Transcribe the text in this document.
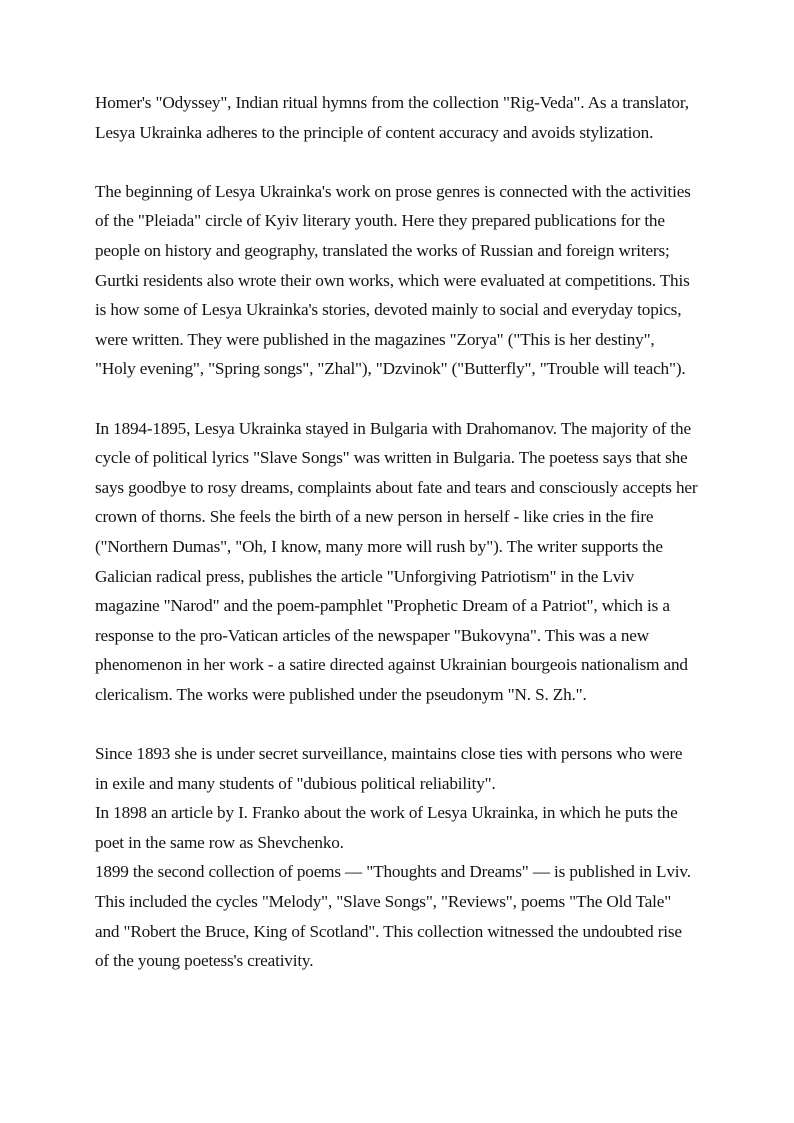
Homer's "Odyssey", Indian ritual hymns from the collection "Rig-Veda". As a translator, Lesya Ukrainka adheres to the principle of content accuracy and avoids stylization.

The beginning of Lesya Ukrainka's work on prose genres is connected with the activities of the "Pleiada" circle of Kyiv literary youth. Here they prepared publications for the people on history and geography, translated the works of Russian and foreign writers; Gurtki residents also wrote their own works, which were evaluated at competitions. This is how some of Lesya Ukrainka's stories, devoted mainly to social and everyday topics, were written. They were published in the magazines "Zorya" ("This is her destiny", "Holy evening", "Spring songs", "Zhal"), "Dzvinok" ("Butterfly", "Trouble will teach").

In 1894-1895, Lesya Ukrainka stayed in Bulgaria with Drahomanov. The majority of the cycle of political lyrics "Slave Songs" was written in Bulgaria. The poetess says that she says goodbye to rosy dreams, complaints about fate and tears and consciously accepts her crown of thorns. She feels the birth of a new person in herself - like cries in the fire ("Northern Dumas", "Oh, I know, many more will rush by"). The writer supports the Galician radical press, publishes the article "Unforgiving Patriotism" in the Lviv magazine "Narod" and the poem-pamphlet "Prophetic Dream of a Patriot", which is a response to the pro-Vatican articles of the newspaper "Bukovyna". This was a new phenomenon in her work - a satire directed against Ukrainian bourgeois nationalism and clericalism. The works were published under the pseudonym "N. S. Zh.".

Since 1893 she is under secret surveillance, maintains close ties with persons who were in exile and many students of "dubious political reliability".
In 1898 an article by I. Franko about the work of Lesya Ukrainka, in which he puts the poet in the same row as Shevchenko.
1899 the second collection of poems — "Thoughts and Dreams" — is published in Lviv. This included the cycles "Melody", "Slave Songs", "Reviews", poems "The Old Tale" and "Robert the Bruce, King of Scotland". This collection witnessed the undoubted rise of the young poetess's creativity.
